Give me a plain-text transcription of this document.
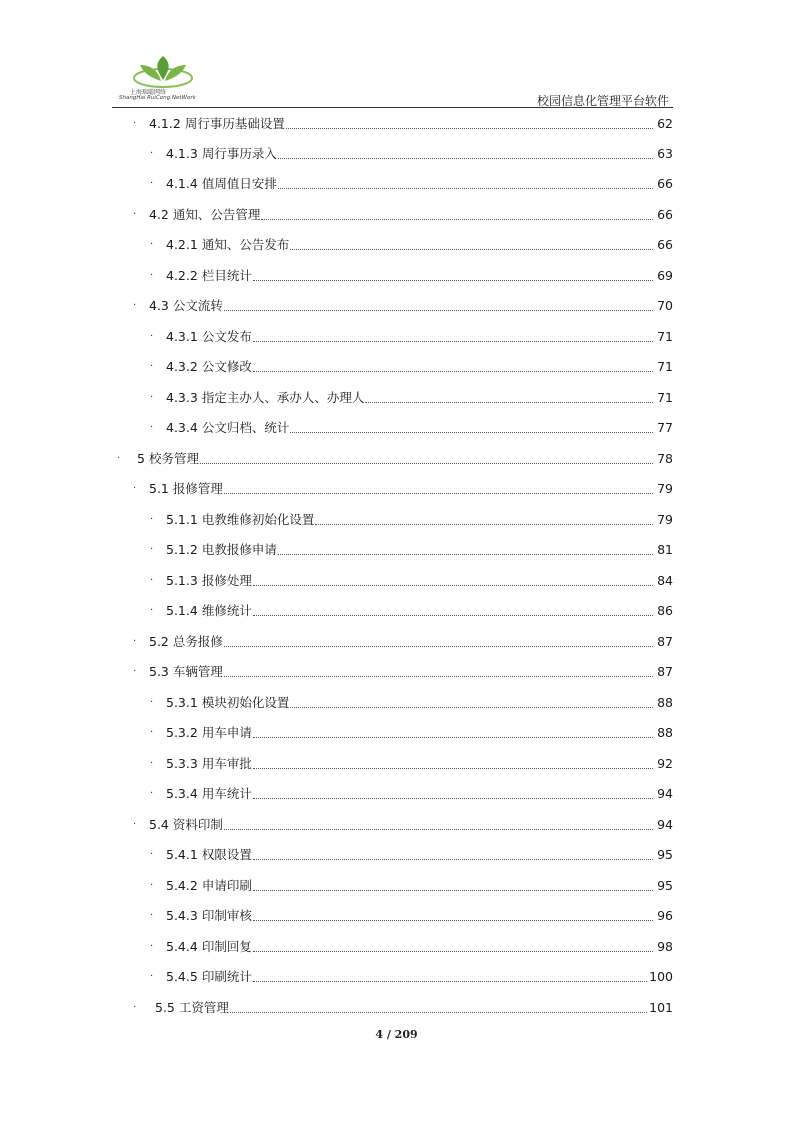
上海瑞聪网络
ShangHai RuiCong.NetWork	校园信息化管理平台软件
·	4.1.2 周行事历基础设置	62
·	4.1.3 周行事历录入	63
·	4.1.4 值周值日安排	66
·	4.2 通知、公告管理	66
·	4.2.1 通知、公告发布	66
·	4.2.2 栏目统计	69
·	4.3 公文流转	70
·	4.3.1 公文发布	71
·	4.3.2 公文修改	71
·	4.3.3 指定主办人、承办人、办理人	71
·	4.3.4 公文归档、统计	77
·	5 校务管理	78
·	5.1 报修管理	79
·	5.1.1 电教维修初始化设置	79
·	5.1.2 电教报修申请	81
·	5.1.3 报修处理	84
·	5.1.4 维修统计	86
·	5.2 总务报修	87
·	5.3 车辆管理	87
·	5.3.1 模块初始化设置	88
·	5.3.2 用车申请	88
·	5.3.3 用车审批	92
·	5.3.4 用车统计	94
·	5.4 资料印制	94
·	5.4.1 权限设置	95
·	5.4.2 申请印刷	95
·	5.4.3 印制审核	96
·	5.4.4 印制回复	98
·	5.4.5 印刷统计	100
·	5.5 工资管理	101
4 / 209
